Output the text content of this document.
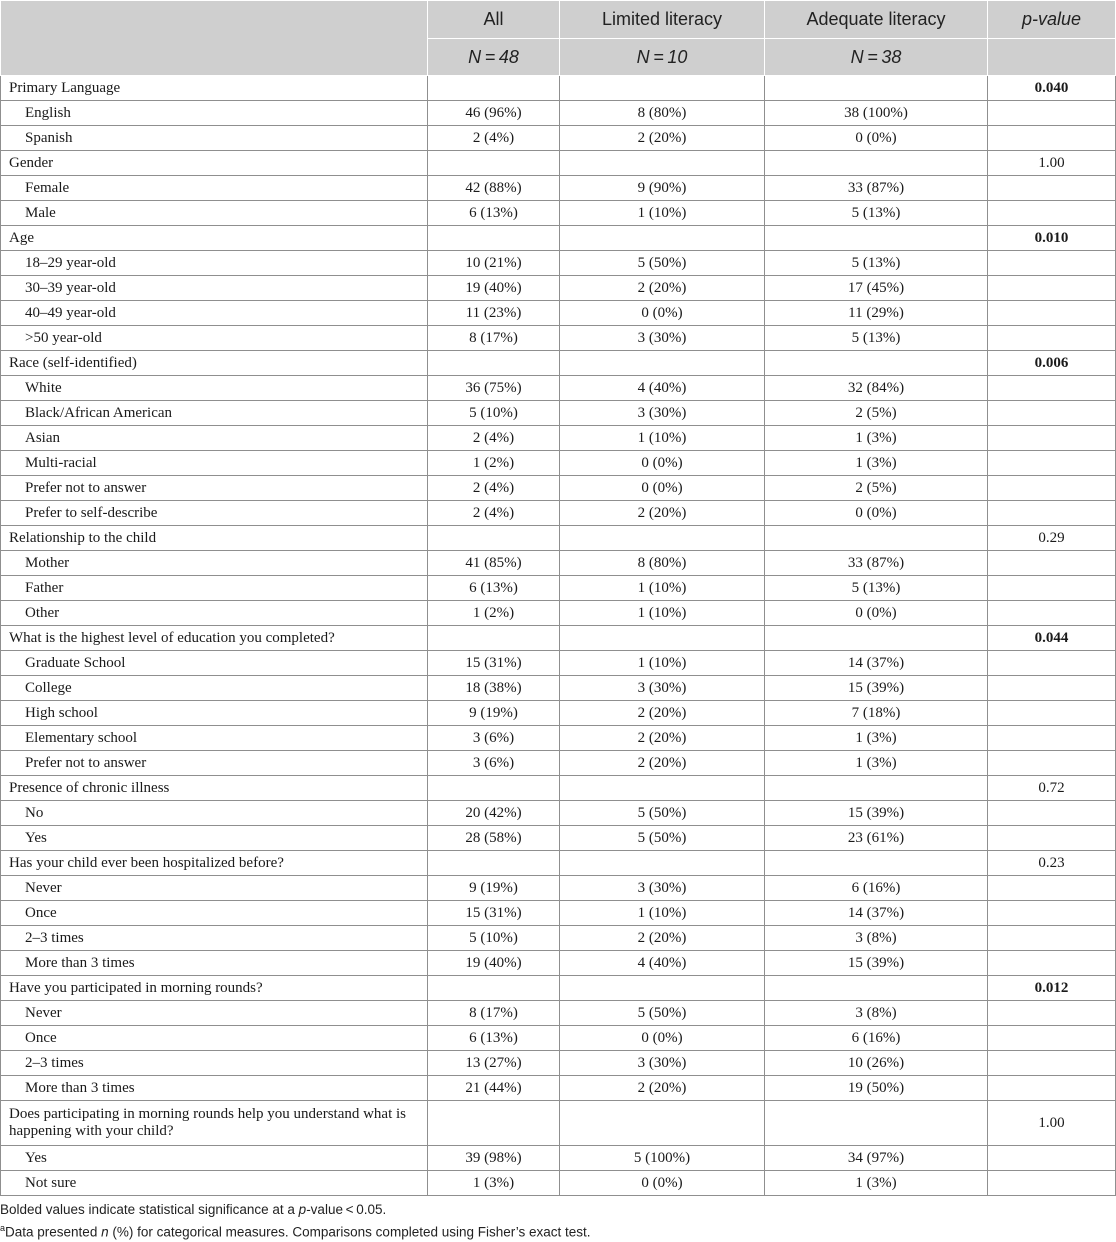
	All	Limited literacy	Adequate literacy	p-value
	N = 48	N = 10	N = 38	
Primary Language				0.040
English	46 (96%)	8 (80%)	38 (100%)	
Spanish	2 (4%)	2 (20%)	0 (0%)	
Gender				1.00
Female	42 (88%)	9 (90%)	33 (87%)	
Male	6 (13%)	1 (10%)	5 (13%)	
Age				0.010
18–29 year-old	10 (21%)	5 (50%)	5 (13%)	
30–39 year-old	19 (40%)	2 (20%)	17 (45%)	
40–49 year-old	11 (23%)	0 (0%)	11 (29%)	
>50 year-old	8 (17%)	3 (30%)	5 (13%)	
Race (self-identified)				0.006
White	36 (75%)	4 (40%)	32 (84%)	
Black/African American	5 (10%)	3 (30%)	2 (5%)	
Asian	2 (4%)	1 (10%)	1 (3%)	
Multi-racial	1 (2%)	0 (0%)	1 (3%)	
Prefer not to answer	2 (4%)	0 (0%)	2 (5%)	
Prefer to self-describe	2 (4%)	2 (20%)	0 (0%)	
Relationship to the child				0.29
Mother	41 (85%)	8 (80%)	33 (87%)	
Father	6 (13%)	1 (10%)	5 (13%)	
Other	1 (2%)	1 (10%)	0 (0%)	
What is the highest level of education you completed?				0.044
Graduate School	15 (31%)	1 (10%)	14 (37%)	
College	18 (38%)	3 (30%)	15 (39%)	
High school	9 (19%)	2 (20%)	7 (18%)	
Elementary school	3 (6%)	2 (20%)	1 (3%)	
Prefer not to answer	3 (6%)	2 (20%)	1 (3%)	
Presence of chronic illness				0.72
No	20 (42%)	5 (50%)	15 (39%)	
Yes	28 (58%)	5 (50%)	23 (61%)	
Has your child ever been hospitalized before?				0.23
Never	9 (19%)	3 (30%)	6 (16%)	
Once	15 (31%)	1 (10%)	14 (37%)	
2–3 times	5 (10%)	2 (20%)	3 (8%)	
More than 3 times	19 (40%)	4 (40%)	15 (39%)	
Have you participated in morning rounds?				0.012
Never	8 (17%)	5 (50%)	3 (8%)	
Once	6 (13%)	0 (0%)	6 (16%)	
2–3 times	13 (27%)	3 (30%)	10 (26%)	
More than 3 times	21 (44%)	2 (20%)	19 (50%)	
Does participating in morning rounds help you understand what is happening with your child?				1.00
Yes	39 (98%)	5 (100%)	34 (97%)	
Not sure	1 (3%)	0 (0%)	1 (3%)	
Bolded values indicate statistical significance at a p-value < 0.05.
$^a$Data presented n (%) for categorical measures. Comparisons completed using Fisher’s exact test.
